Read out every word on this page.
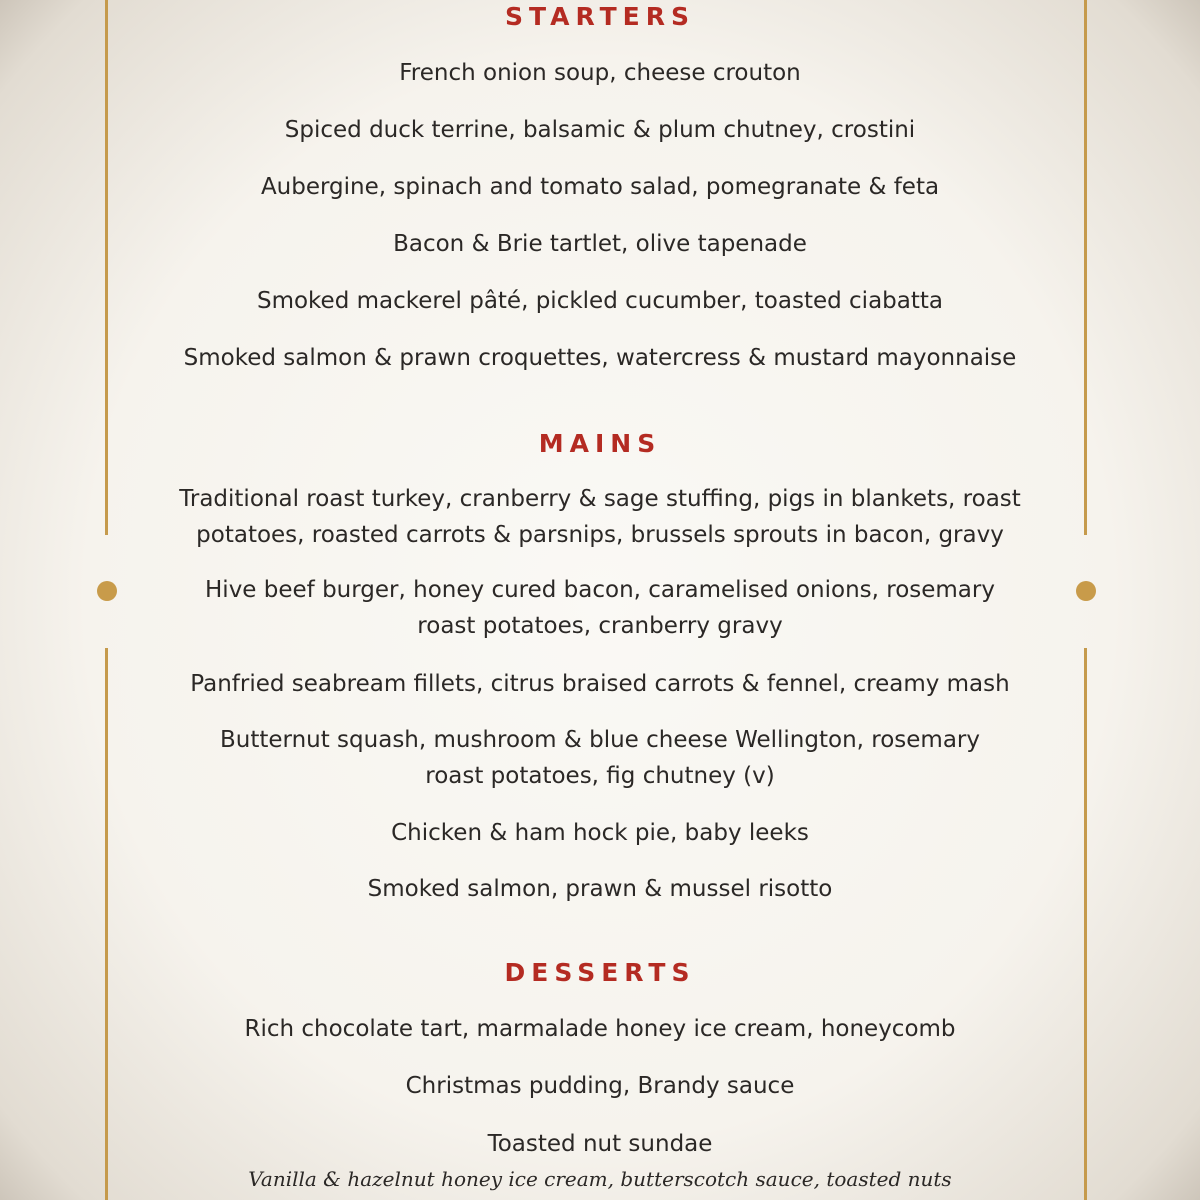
STARTERS
French onion soup, cheese crouton
Spiced duck terrine, balsamic & plum chutney, crostini
Aubergine, spinach and tomato salad, pomegranate & feta
Bacon & Brie tartlet, olive tapenade
Smoked mackerel pâté, pickled cucumber, toasted ciabatta
Smoked salmon & prawn croquettes, watercress & mustard mayonnaise
MAINS
Traditional roast turkey, cranberry & sage stuffing, pigs in blankets, roast
potatoes, roasted carrots & parsnips, brussels sprouts in bacon, gravy
Hive beef burger, honey cured bacon, caramelised onions, rosemary
roast potatoes, cranberry gravy
Panfried seabream fillets, citrus braised carrots & fennel, creamy mash
Butternut squash, mushroom & blue cheese Wellington, rosemary
roast potatoes, fig chutney (v)
Chicken & ham hock pie, baby leeks
Smoked salmon, prawn & mussel risotto
DESSERTS
Rich chocolate tart, marmalade honey ice cream, honeycomb
Christmas pudding, Brandy sauce
Toasted nut sundae
Vanilla & hazelnut honey ice cream, butterscotch sauce, toasted nuts
